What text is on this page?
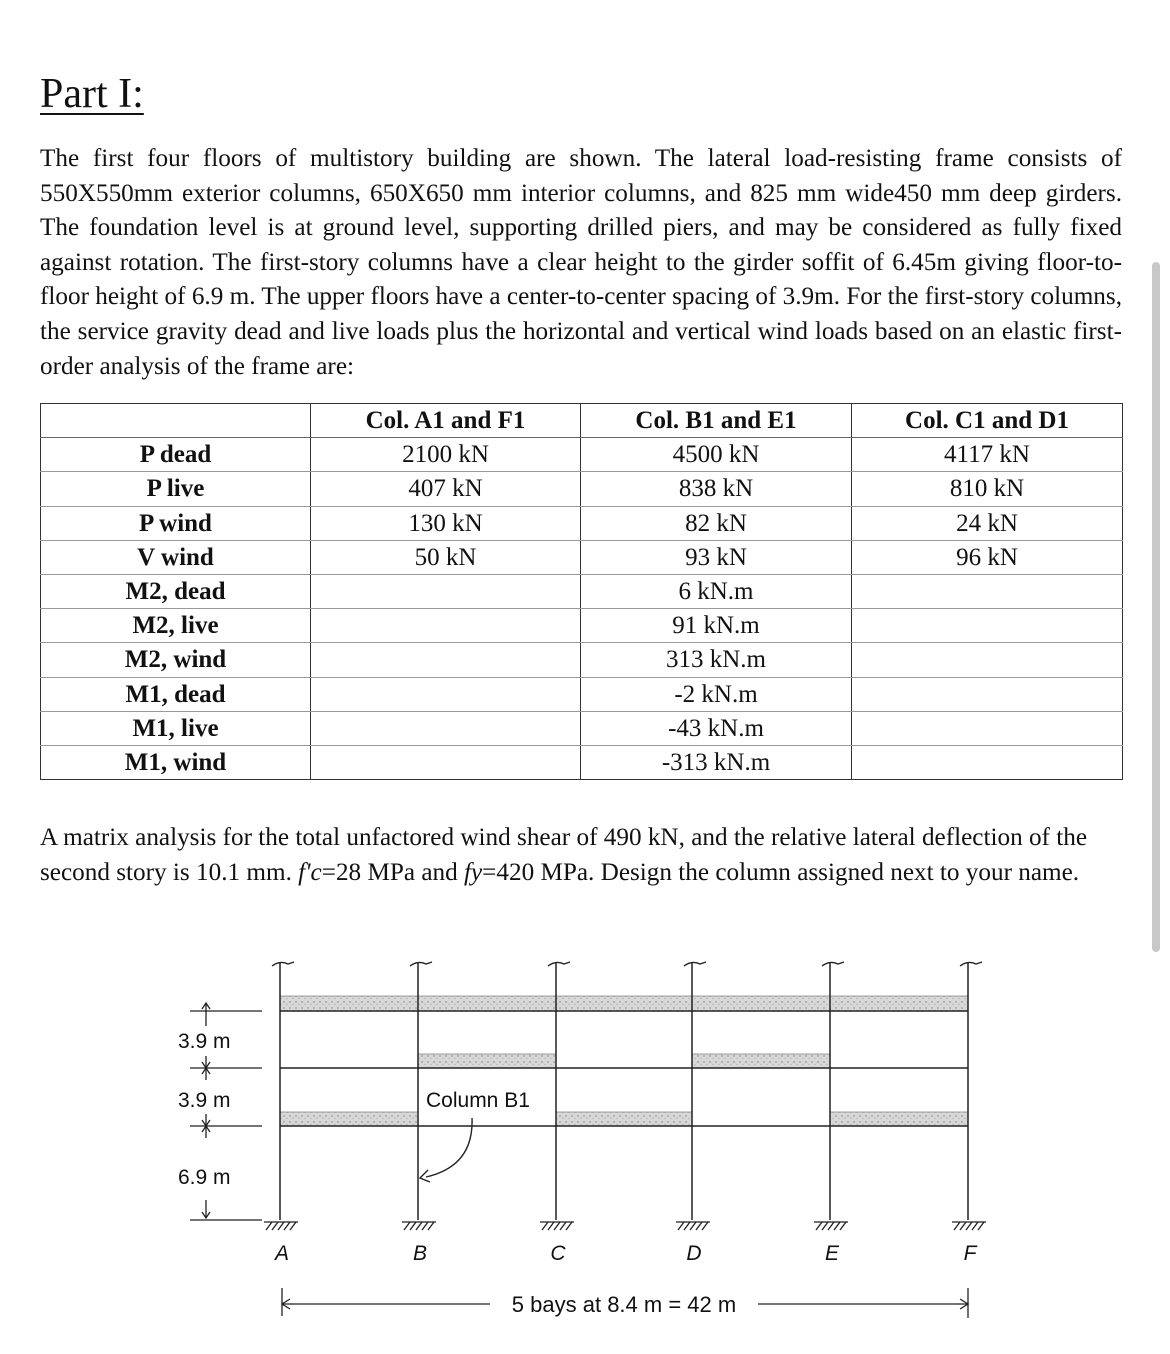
Part I:

The first four floors of multistory building are shown. The lateral load-resisting frame consists of 550X550mm exterior columns, 650X650 mm interior columns, and 825 mm wide450 mm deep girders. The foundation level is at ground level, supporting drilled piers, and may be considered as fully fixed against rotation. The first-story columns have a clear height to the girder soffit of 6.45m giving floor-to-floor height of 6.9 m. The upper floors have a center-to-center spacing of 3.9m. For the first-story columns, the service gravity dead and live loads plus the horizontal and vertical wind loads based on an elastic first-order analysis of the frame are:

	Col. A1 and F1	Col. B1 and E1	Col. C1 and D1
P dead	2100 kN	4500 kN	4117 kN
P live	407 kN	838 kN	810 kN
P wind	130 kN	82 kN	24 kN
V wind	50 kN	93 kN	96 kN
M2, dead		6 kN.m	
M2, live		91 kN.m	
M2, wind		313 kN.m	
M1, dead		-2 kN.m	
M1, live		-43 kN.m	
M1, wind		-313 kN.m	

A matrix analysis for the total unfactored wind shear of 490 kN, and the relative lateral deflection of the second story is 10.1 mm. f'c=28 MPa and fy=420 MPa. Design the column assigned next to your name.

A	B	C	D	E	F
3.9 m
3.9 m
6.9 m
Column B1
5 bays at 8.4 m = 42 m
